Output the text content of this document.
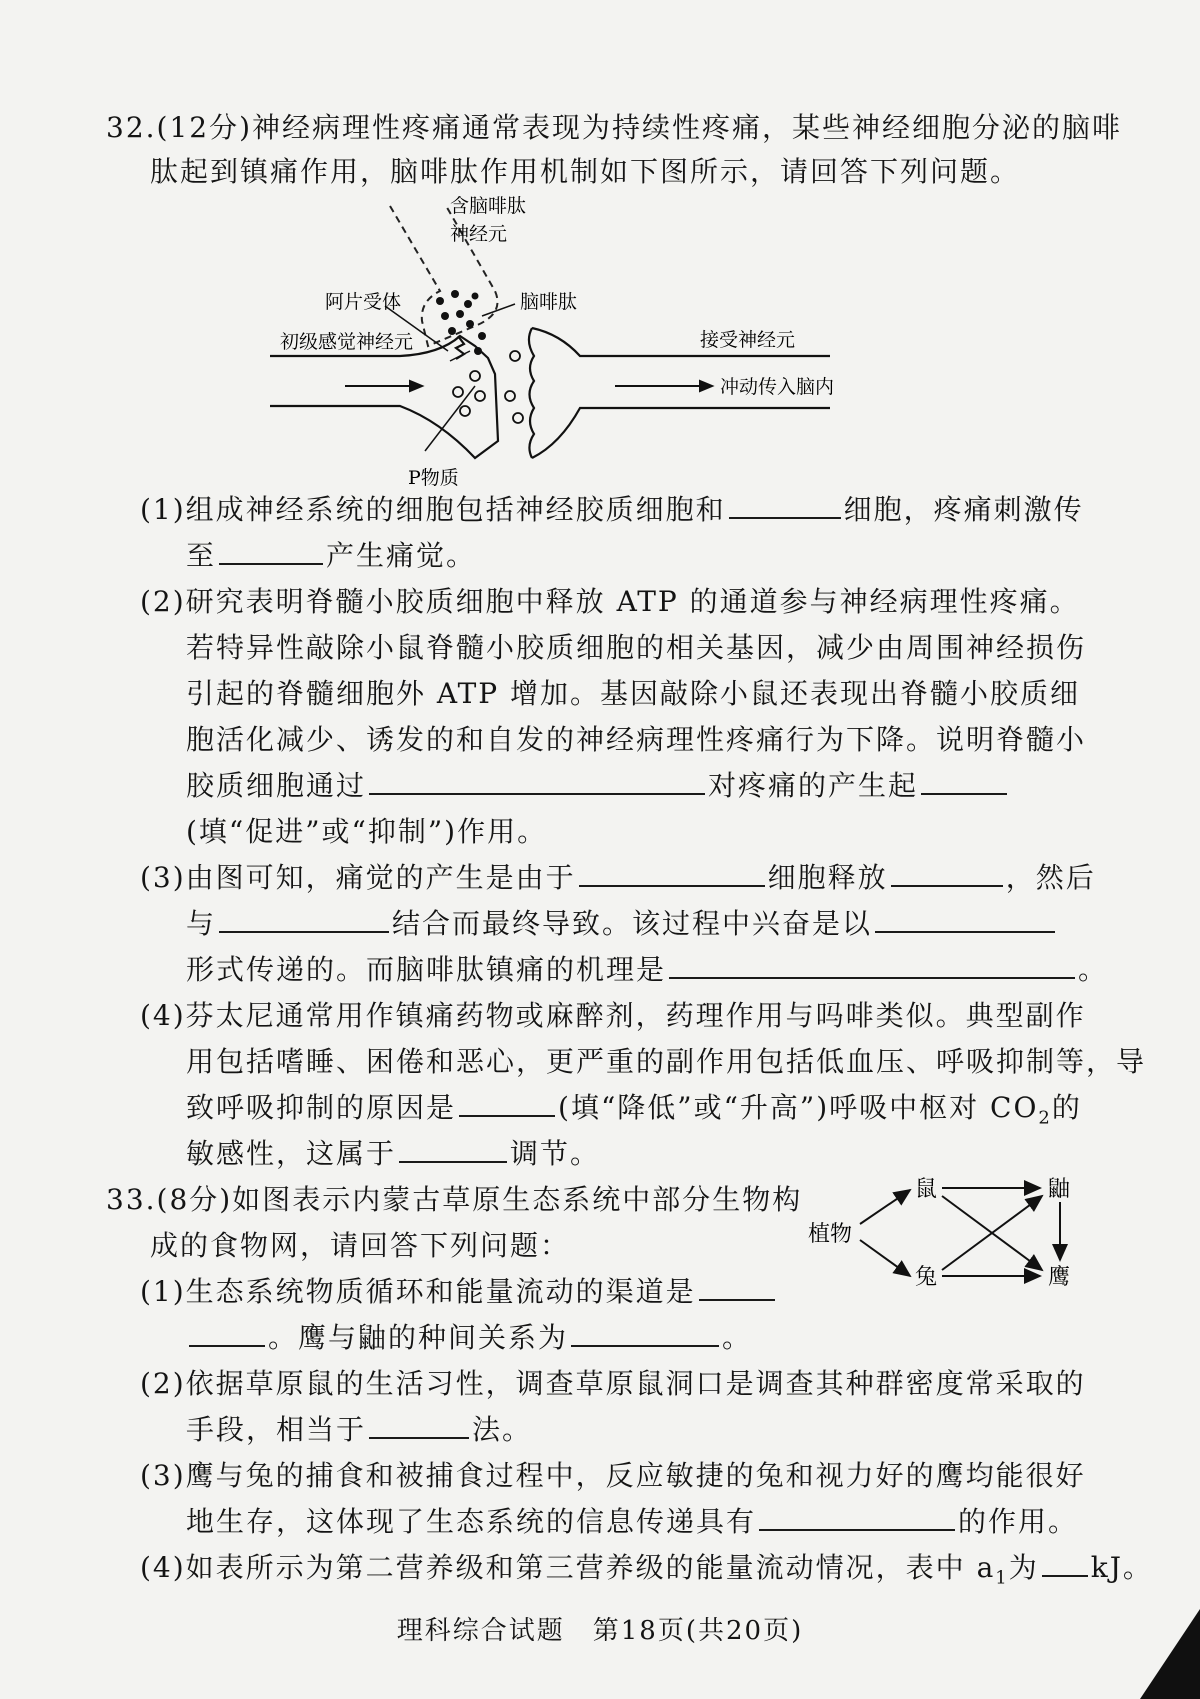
32.(12分)神经病理性疼痛通常表现为持续性疼痛，某些神经细胞分泌的脑啡
肽起到镇痛作用，脑啡肽作用机制如下图所示，请回答下列问题。
含脑啡肽
神经元
阿片受体	脑啡肽
初级感觉神经元	接受神经元
冲动传入脑内
P物质
(1)组成神经系统的细胞包括神经胶质细胞和	细胞，疼痛刺激传
至	产生痛觉。
(2)研究表明脊髓小胶质细胞中释放 ATP 的通道参与神经病理性疼痛。
若特异性敲除小鼠脊髓小胶质细胞的相关基因，减少由周围神经损伤
引起的脊髓细胞外 ATP 增加。基因敲除小鼠还表现出脊髓小胶质细
胞活化减少、诱发的和自发的神经病理性疼痛行为下降。说明脊髓小
胶质细胞通过	对疼痛的产生起
(填“促进”或“抑制”)作用。
(3)由图可知，痛觉的产生是由于	细胞释放	，然后
与	结合而最终导致。该过程中兴奋是以
形式传递的。而脑啡肽镇痛的机理是	。
(4)芬太尼通常用作镇痛药物或麻醉剂，药理作用与吗啡类似。典型副作
用包括嗜睡、困倦和恶心，更严重的副作用包括低血压、呼吸抑制等，导
致呼吸抑制的原因是	(填“降低”或“升高”)呼吸中枢对 $CO_2$的
敏感性，这属于	调节。
33.(8分)如图表示内蒙古草原生态系统中部分生物构
成的食物网，请回答下列问题：	植物
鼠
兔
鼬
鹰
(1)生态系统物质循环和能量流动的渠道是
。鹰与鼬的种间关系为	。
(2)依据草原鼠的生活习性，调查草原鼠洞口是调查其种群密度常采取的
手段，相当于	法。
(3)鹰与兔的捕食和被捕食过程中，反应敏捷的兔和视力好的鹰均能很好
地生存，这体现了生态系统的信息传递具有	的作用。
(4)如表所示为第二营养级和第三营养级的能量流动情况，表中 $a_1$为 kJ。
理科综合试题　第18页(共20页)
